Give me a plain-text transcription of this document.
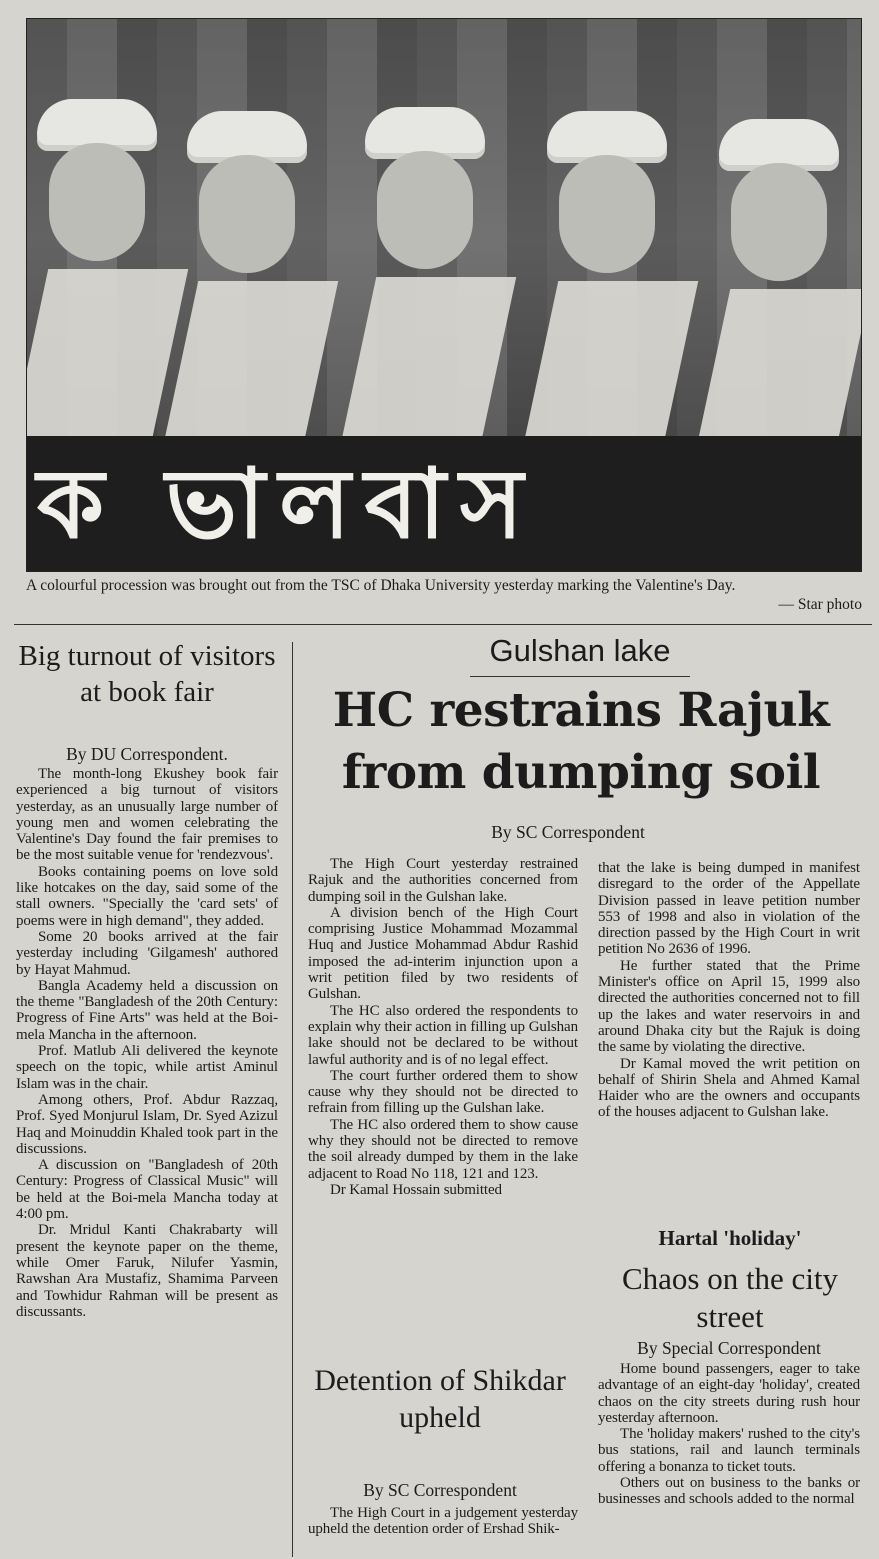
ক ভালবাস
A colourful procession was brought out from the TSC of Dhaka University yesterday marking the Valentine's Day.
— Star photo
Big turnout of visitors at book fair
By DU Correspondent.

The month-long Ekushey book fair experienced a big turnout of visitors yesterday, as an unusually large number of young men and women celebrating the Valentine's Day found the fair premises to be the most suitable venue for 'rendezvous'.

Books containing poems on love sold like hotcakes on the day, said some of the stall owners. "Specially the 'card sets' of poems were in high demand", they added.

Some 20 books arrived at the fair yesterday including 'Gilgamesh' authored by Hayat Mahmud.

Bangla Academy held a discussion on the theme "Bangladesh of the 20th Century: Progress of Fine Arts" was held at the Boi-mela Mancha in the afternoon.

Prof. Matlub Ali delivered the keynote speech on the topic, while artist Aminul Islam was in the chair.

Among others, Prof. Abdur Razzaq, Prof. Syed Monjurul Islam, Dr. Syed Azizul Haq and Moinuddin Khaled took part in the discussions.

A discussion on "Bangladesh of 20th Century: Progress of Classical Music" will be held at the Boi-mela Mancha today at 4:00 pm.

Dr. Mridul Kanti Chakrabarty will present the keynote paper on the theme, while Omer Faruk, Nilufer Yasmin, Rawshan Ara Mustafiz, Shamima Parveen and Towhidur Rahman will be present as discussants.

Gulshan lake
HC restrains Rajuk from dumping soil
By SC Correspondent

The High Court yesterday restrained Rajuk and the authorities concerned from dumping soil in the Gulshan lake.

A division bench of the High Court comprising Justice Mohammad Mozammal Huq and Justice Mohammad Abdur Rashid imposed the ad-interim injunction upon a writ petition filed by two residents of Gulshan.

The HC also ordered the respondents to explain why their action in filling up Gulshan lake should not be declared to be without lawful authority and is of no legal effect.

The court further ordered them to show cause why they should not be directed to refrain from filling up the Gulshan lake.

The HC also ordered them to show cause why they should not be directed to remove the soil already dumped by them in the lake adjacent to Road No 118, 121 and 123.

Dr Kamal Hossain submitted

that the lake is being dumped in manifest disregard to the order of the Appellate Division passed in leave petition number 553 of 1998 and also in violation of the direction passed by the High Court in writ petition No 2636 of 1996.

He further stated that the Prime Minister's office on April 15, 1999 also directed the authorities concerned not to fill up the lakes and water reservoirs in and around Dhaka city but the Rajuk is doing the same by violating the directive.

Dr Kamal moved the writ petition on behalf of Shirin Shela and Ahmed Kamal Haider who are the owners and occupants of the houses adjacent to Gulshan lake.

Detention of Shikdar upheld
By SC Correspondent

The High Court in a judgement yesterday upheld the detention order of Ershad Shik-

Hartal 'holiday'
Chaos on the city street
By Special Correspondent

Home bound passengers, eager to take advantage of an eight-day 'holiday', created chaos on the city streets during rush hour yesterday afternoon.

The 'holiday makers' rushed to the city's bus stations, rail and launch terminals offering a bonanza to ticket touts.

Others out on business to the banks or businesses and schools added to the normal
